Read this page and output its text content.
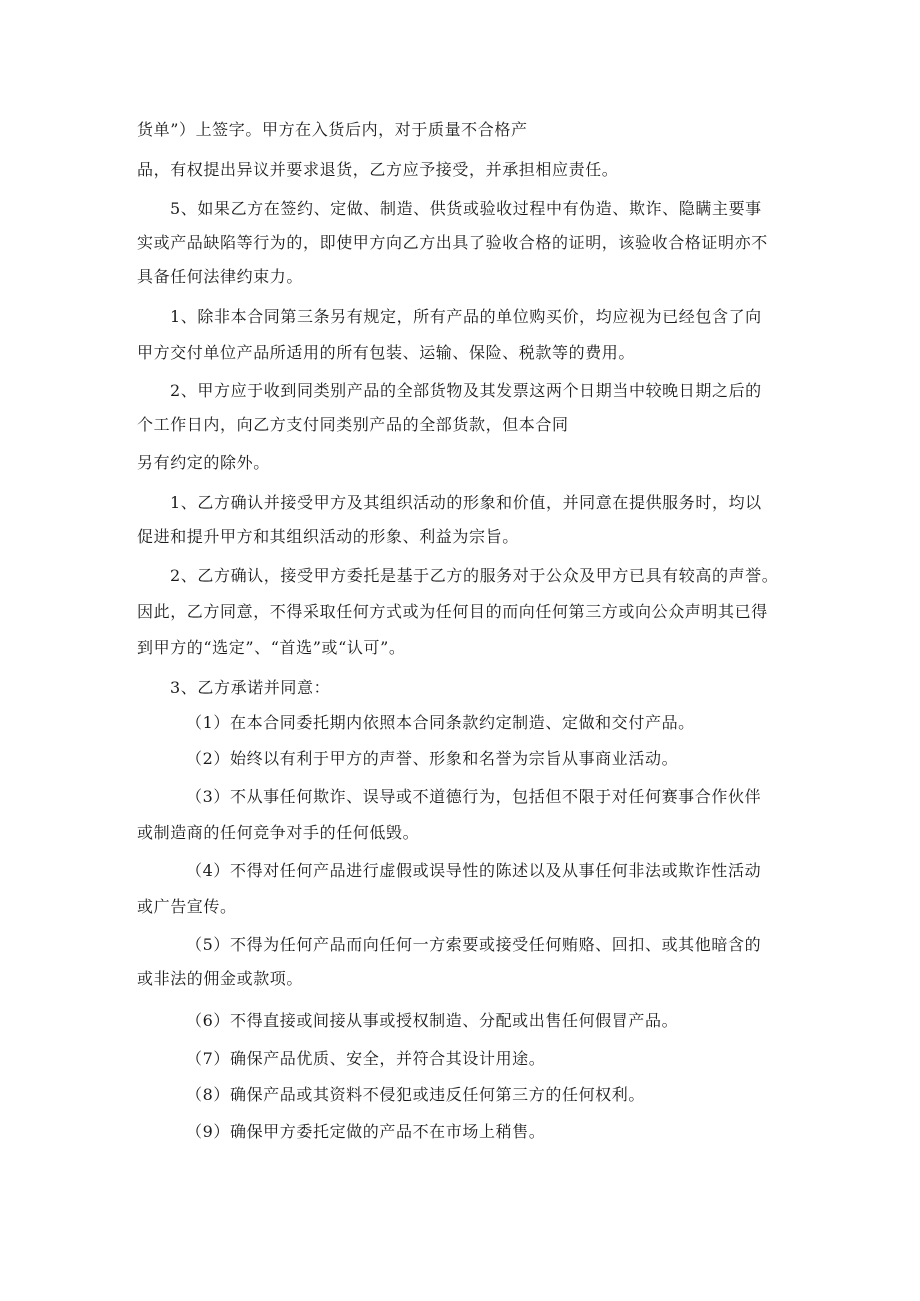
货单”）上签字。甲方在入货后内，对于质量不合格产
品，有权提出异议并要求退货，乙方应予接受，并承担相应责任。
5、如果乙方在签约、定做、制造、供货或验收过程中有伪造、欺诈、隐瞒主要事
实或产品缺陷等行为的，即使甲方向乙方出具了验收合格的证明，该验收合格证明亦不
具备任何法律约束力。
1、除非本合同第三条另有规定，所有产品的单位购买价，均应视为已经包含了向
甲方交付单位产品所适用的所有包装、运输、保险、税款等的费用。
2、甲方应于收到同类别产品的全部货物及其发票这两个日期当中较晚日期之后的
个工作日内，向乙方支付同类别产品的全部货款，但本合同
另有约定的除外。
1、乙方确认并接受甲方及其组织活动的形象和价值，并同意在提供服务时，均以
促进和提升甲方和其组织活动的形象、利益为宗旨。
2、乙方确认，接受甲方委托是基于乙方的服务对于公众及甲方已具有较高的声誉。
因此，乙方同意，不得采取任何方式或为任何目的而向任何第三方或向公众声明其已得
到甲方的“选定”、“首选”或“认可”。
3、乙方承诺并同意：
（1）在本合同委托期内依照本合同条款约定制造、定做和交付产品。
（2）始终以有利于甲方的声誉、形象和名誉为宗旨从事商业活动。
（3）不从事任何欺诈、误导或不道德行为，包括但不限于对任何赛事合作伙伴
或制造商的任何竞争对手的任何低毁。
（4）不得对任何产品进行虚假或误导性的陈述以及从事任何非法或欺诈性活动
或广告宣传。
（5）不得为任何产品而向任何一方索要或接受任何贿赂、回扣、或其他暗含的
或非法的佣金或款项。
（6）不得直接或间接从事或授权制造、分配或出售任何假冒产品。
（7）确保产品优质、安全，并符合其设计用途。
（8）确保产品或其资料不侵犯或违反任何第三方的任何权利。
（9）确保甲方委托定做的产品不在市场上稍售。
